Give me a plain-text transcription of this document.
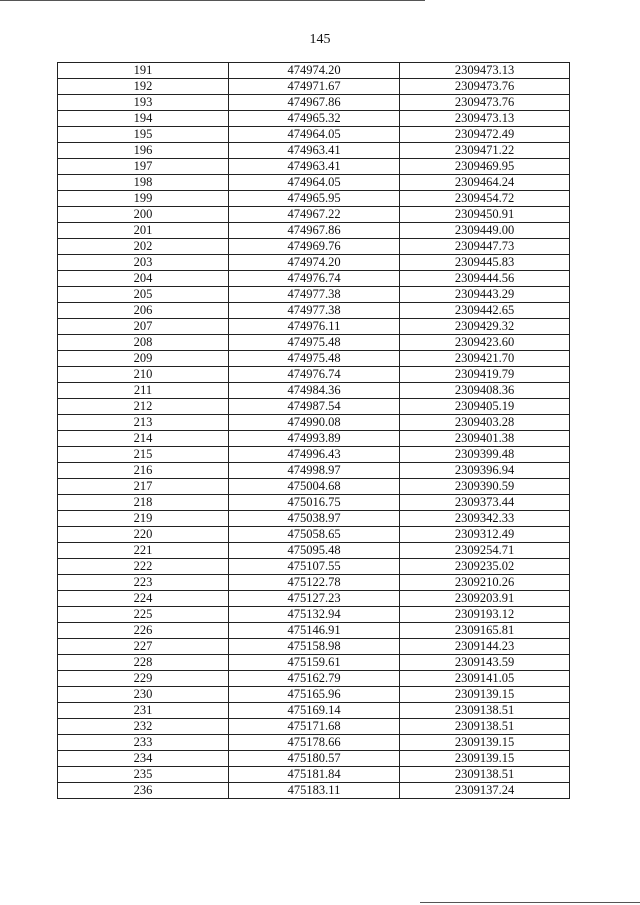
145
191	474974.20	2309473.13
192	474971.67	2309473.76
193	474967.86	2309473.76
194	474965.32	2309473.13
195	474964.05	2309472.49
196	474963.41	2309471.22
197	474963.41	2309469.95
198	474964.05	2309464.24
199	474965.95	2309454.72
200	474967.22	2309450.91
201	474967.86	2309449.00
202	474969.76	2309447.73
203	474974.20	2309445.83
204	474976.74	2309444.56
205	474977.38	2309443.29
206	474977.38	2309442.65
207	474976.11	2309429.32
208	474975.48	2309423.60
209	474975.48	2309421.70
210	474976.74	2309419.79
211	474984.36	2309408.36
212	474987.54	2309405.19
213	474990.08	2309403.28
214	474993.89	2309401.38
215	474996.43	2309399.48
216	474998.97	2309396.94
217	475004.68	2309390.59
218	475016.75	2309373.44
219	475038.97	2309342.33
220	475058.65	2309312.49
221	475095.48	2309254.71
222	475107.55	2309235.02
223	475122.78	2309210.26
224	475127.23	2309203.91
225	475132.94	2309193.12
226	475146.91	2309165.81
227	475158.98	2309144.23
228	475159.61	2309143.59
229	475162.79	2309141.05
230	475165.96	2309139.15
231	475169.14	2309138.51
232	475171.68	2309138.51
233	475178.66	2309139.15
234	475180.57	2309139.15
235	475181.84	2309138.51
236	475183.11	2309137.24
